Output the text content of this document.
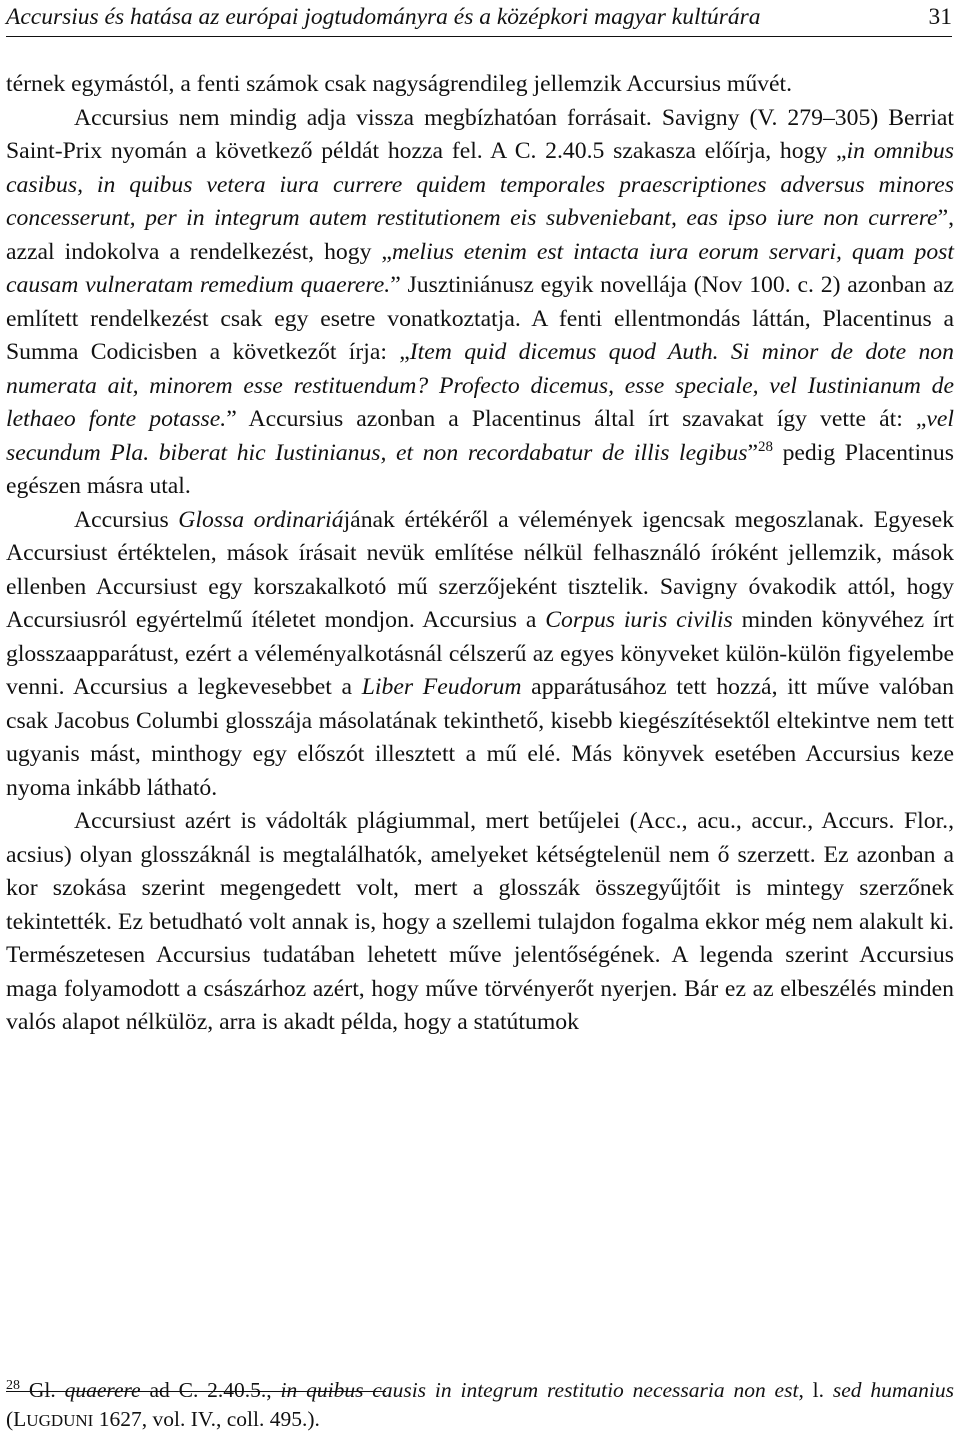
Accursius és hatása az európai jogtudományra és a középkori magyar kultúrára	31

térnek egymástól, a fenti számok csak nagyságrendileg jellemzik Accursius művét.

Accursius nem mindig adja vissza megbízhatóan forrásait. Savigny (V. 279–305) Berriat Saint-Prix nyomán a következő példát hozza fel. A C. 2.40.5 szakasza előírja, hogy „in omnibus casibus, in quibus vetera iura currere quidem temporales praescriptiones adversus minores concesserunt, per in integrum autem restitutionem eis subveniebant, eas ipso iure non currere”, azzal indokolva a rendelkezést, hogy „melius etenim est intacta iura eorum servari, quam post causam vulneratam remedium quaerere.” Jusztiniánusz egyik novellája (Nov 100. c. 2) azonban az említett rendelkezést csak egy esetre vonatkoztatja. A fenti ellentmondás láttán, Placentinus a Summa Codicisben a következőt írja: „Item quid dicemus quod Auth. Si minor de dote non numerata ait, minorem esse restituendum? Profecto dicemus, esse speciale, vel Iustinianum de lethaeo fonte potasse.” Accursius azonban a Placentinus által írt szavakat így vette át: „vel secundum Pla. biberat hic Iustinianus, et non recordabatur de illis legibus”$^{28}$ pedig Placentinus egészen másra utal.

Accursius Glossa ordinariájának értékéről a vélemények igencsak megoszlanak. Egyesek Accursiust értéktelen, mások írásait nevük említése nélkül felhasználó íróként jellemzik, mások ellenben Accursiust egy korszakalkotó mű szerzőjeként tisztelik. Savigny óvakodik attól, hogy Accursiusról egyértelmű ítéletet mondjon. Accursius a Corpus iuris civilis minden könyvéhez írt glosszaapparátust, ezért a véleményalkotásnál célszerű az egyes könyveket külön-külön figyelembe venni. Accursius a legkevesebbet a Liber Feudorum apparátusához tett hozzá, itt műve valóban csak Jacobus Columbi glosszája másolatának tekinthető, kisebb kiegészítésektől eltekintve nem tett ugyanis mást, minthogy egy előszót illesztett a mű elé. Más könyvek esetében Accursius keze nyoma inkább látható.

Accursiust azért is vádolták plágiummal, mert betűjelei (Acc., acu., accur., Accurs. Flor., acsius) olyan glosszáknál is megtalálhatók, amelyeket kétségtelenül nem ő szerzett. Ez azonban a kor szokása szerint megengedett volt, mert a glosszák összegyűjtőit is mintegy szerzőnek tekintették. Ez betudható volt annak is, hogy a szellemi tulajdon fogalma ekkor még nem alakult ki. Természetesen Accursius tudatában lehetett műve jelentőségének. A legenda szerint Accursius maga folyamodott a császárhoz azért, hogy műve törvényerőt nyerjen. Bár ez az elbeszélés minden valós alapot nélkülöz, arra is akadt példa, hogy a statútumok

$^{28}$ Gl. quaerere ad C. 2.40.5., in quibus causis in integrum restitutio necessaria non est, l. sed humanius (LUGDUNI 1627, vol. IV., coll. 495.).
